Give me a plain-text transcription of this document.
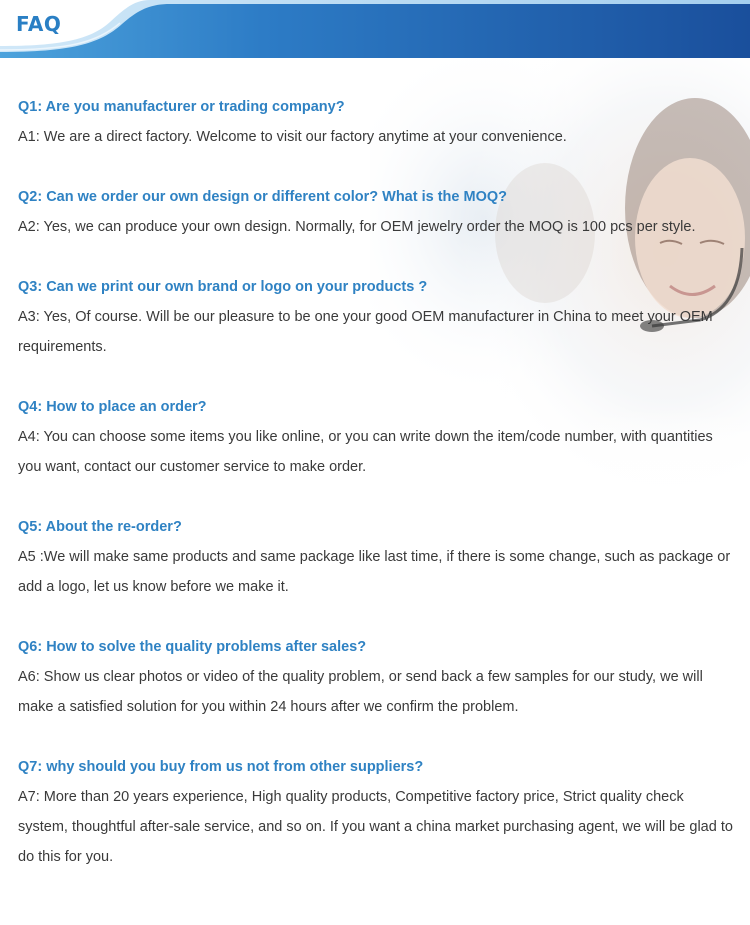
FAQ
Q1: Are you manufacturer or trading company?
A1: We are a direct factory. Welcome to visit our factory anytime at your convenience.
Q2: Can we order our own design or different color? What is the MOQ?
A2: Yes, we can produce your own design. Normally, for OEM jewelry order the MOQ is 100 pcs per style.
Q3: Can we print our own brand or logo on your products ?
A3: Yes, Of course. Will be our pleasure to be one your good OEM manufacturer in China to meet your OEM requirements.
Q4: How to place an order?
A4: You can choose some items you like online, or you can write down the item/code number, with quantities you want, contact our customer service to make order.
Q5: About the re-order?
A5 :We will make same products and same package like last time, if there is some change, such as package or add a logo, let us know before we make it.
Q6: How to solve the quality problems after sales?
A6: Show us clear photos or video of the quality problem, or send back a few samples for our study, we will make a satisfied solution for you within 24 hours after we confirm the problem.
Q7: why should you buy from us not from other suppliers?
A7: More than 20 years experience, High quality products, Competitive factory price, Strict quality check system, thoughtful after-sale service, and so on. If you want a china market purchasing agent, we will be glad to do this for you.
